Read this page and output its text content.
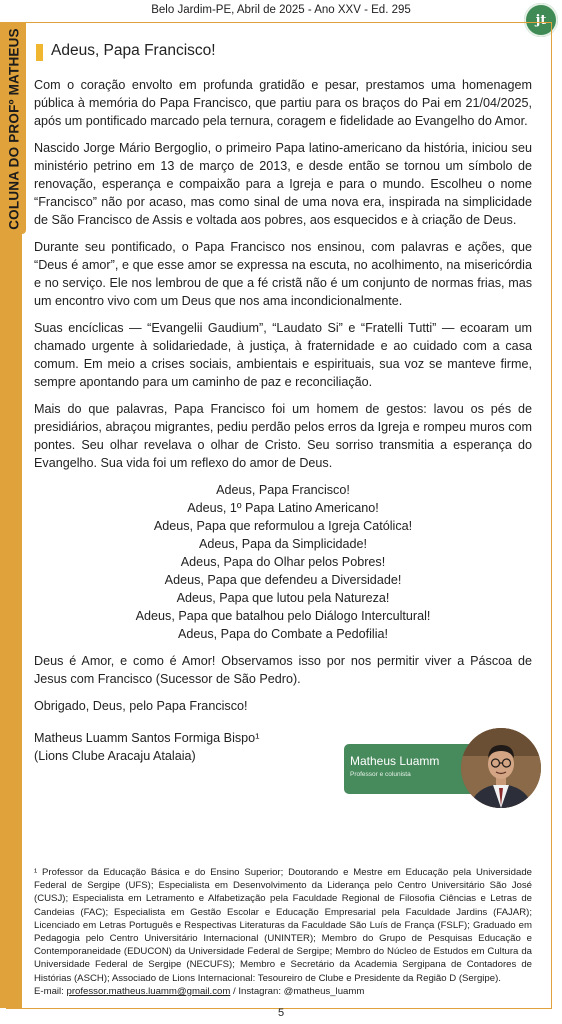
Belo Jardim-PE, Abril de 2025 - Ano XXV - Ed. 295
jt
COLUNA DO PROFº MATHEUS Adeus, Papa Francisco!

Com o coração envolto em profunda gratidão e pesar, prestamos uma homenagem pública à memória do Papa Francisco, que partiu para os braços do Pai em 21/04/2025, após um pontificado marcado pela ternura, coragem e fidelidade ao Evangelho do Amor.

Nascido Jorge Mário Bergoglio, o primeiro Papa latino-americano da história, iniciou seu ministério petrino em 13 de março de 2013, e desde então se tornou um símbolo de renovação, esperança e compaixão para a Igreja e para o mundo. Escolheu o nome “Francisco” não por acaso, mas como sinal de uma nova era, inspirada na simplicidade de São Francisco de Assis e voltada aos pobres, aos esquecidos e à criação de Deus.

Durante seu pontificado, o Papa Francisco nos ensinou, com palavras e ações, que “Deus é amor”, e que esse amor se expressa na escuta, no acolhimento, na misericórdia e no serviço. Ele nos lembrou de que a fé cristã não é um conjunto de normas frias, mas um encontro vivo com um Deus que nos ama incondicionalmente.

Suas encíclicas — “Evangelii Gaudium”, “Laudato Si” e “Fratelli Tutti” — ecoaram um chamado urgente à solidariedade, à justiça, à fraternidade e ao cuidado com a casa comum. Em meio a crises sociais, ambientais e espirituais, sua voz se manteve firme, sempre apontando para um caminho de paz e reconciliação.

Mais do que palavras, Papa Francisco foi um homem de gestos: lavou os pés de presidiários, abraçou migrantes, pediu perdão pelos erros da Igreja e rompeu muros com pontes. Seu olhar revelava o olhar de Cristo. Seu sorriso transmitia a esperança do Evangelho. Sua vida foi um reflexo do amor de Deus.

Adeus, Papa Francisco!
Adeus, 1º Papa Latino Americano!
Adeus, Papa que reformulou a Igreja Católica!
Adeus, Papa da Simplicidade!
Adeus, Papa do Olhar pelos Pobres!
Adeus, Papa que defendeu a Diversidade!
Adeus, Papa que lutou pela Natureza!
Adeus, Papa que batalhou pelo Diálogo Intercultural!
Adeus, Papa do Combate a Pedofilia!

Deus é Amor, e como é Amor! Observamos isso por nos permitir viver a Páscoa de Jesus com Francisco (Sucessor de São Pedro).

Obrigado, Deus, pelo Papa Francisco!

Matheus Luamm Santos Formiga Bispo¹
(Lions Clube Aracaju Atalaia)	Matheus Luamm
Professor e colunista
¹ Professor da Educação Básica e do Ensino Superior; Doutorando e Mestre em Educação pela Universidade Federal de Sergipe (UFS); Especialista em Desenvolvimento da Liderança pelo Centro Universitário São José (CUSJ); Especialista em Letramento e Alfabetização pela Faculdade Regional de Filosofia Ciências e Letras de Candeias (FAC); Especialista em Gestão Escolar e Educação Empresarial pela Faculdade Jardins (FAJAR); Licenciado em Letras Português e Respectivas Literaturas da Faculdade São Luís de França (FSLF); Graduado em Pedagogia pelo Centro Universitário Internacional (UNINTER); Membro do Grupo de Pesquisas Educação e Contemporaneidade (EDUCON) da Universidade Federal de Sergipe; Membro do Núcleo de Estudos em Cultura da Universidade Federal de Sergipe (NECUFS); Membro e Secretário da Academia Sergipana de Contadores de Histórias (ASCH); Associado de Lions Internacional: Tesoureiro de Clube e Presidente da Região D (Sergipe).
E-mail: professor.matheus.luamm@gmail.com / Instagran: @matheus_luamm
5
